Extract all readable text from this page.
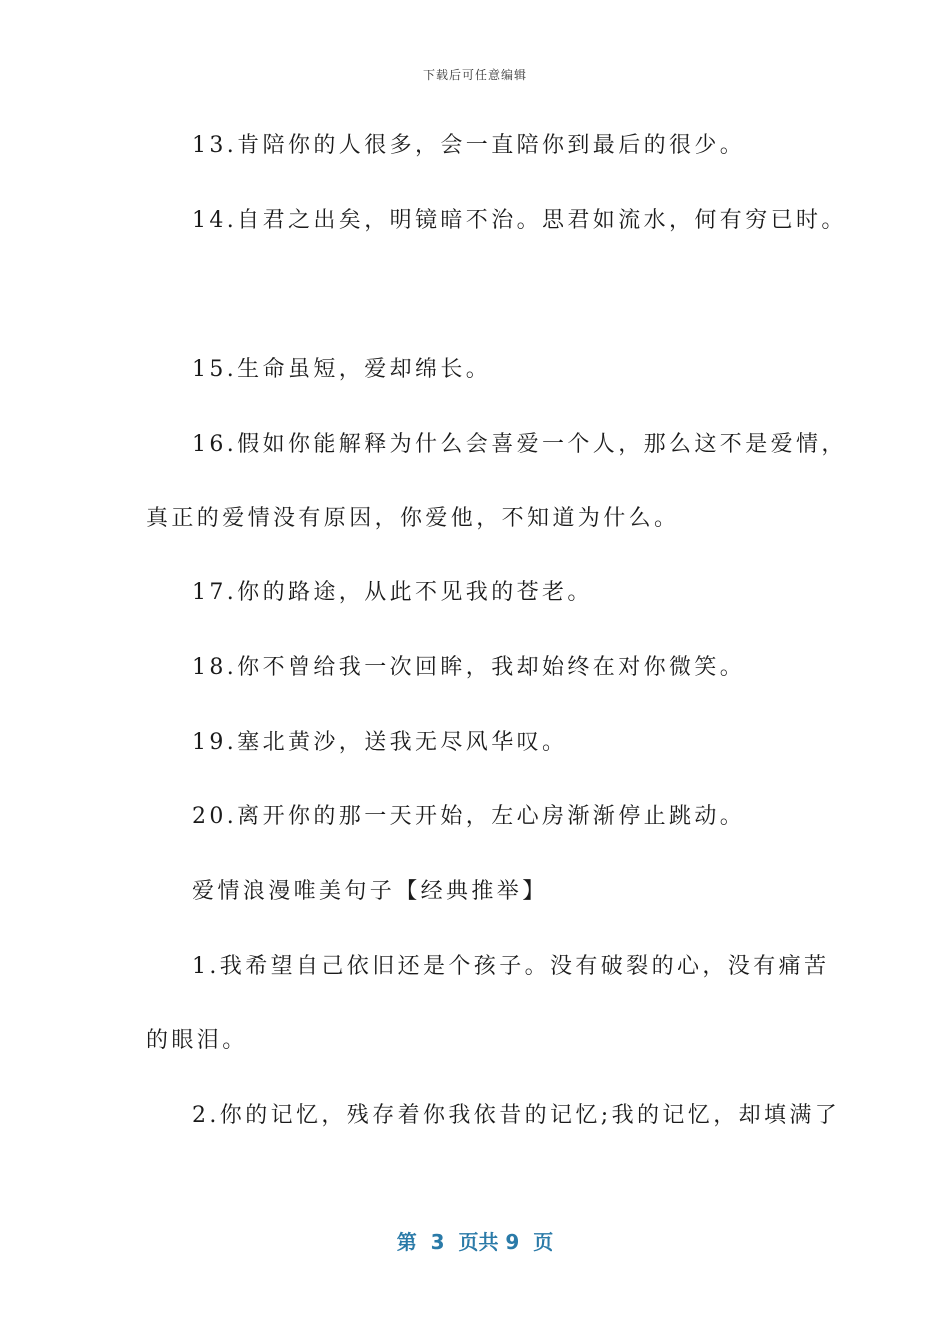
下载后可任意编辑
13.肯陪你的人很多，会一直陪你到最后的很少。
14.自君之出矣，明镜暗不治。思君如流水，何有穷已时。
15.生命虽短，爱却绵长。
16.假如你能解释为什么会喜爱一个人，那么这不是爱情，
真正的爱情没有原因，你爱他，不知道为什么。
17.你的路途，从此不见我的苍老。
18.你不曾给我一次回眸，我却始终在对你微笑。
19.塞北黄沙，送我无尽风华叹。
20.离开你的那一天开始，左心房渐渐停止跳动。
爱情浪漫唯美句子【经典推举】
1.我希望自己依旧还是个孩子。没有破裂的心，没有痛苦
的眼泪。
2.你的记忆，残存着你我依昔的记忆;我的记忆，却填满了
第  3  页共 9  页
